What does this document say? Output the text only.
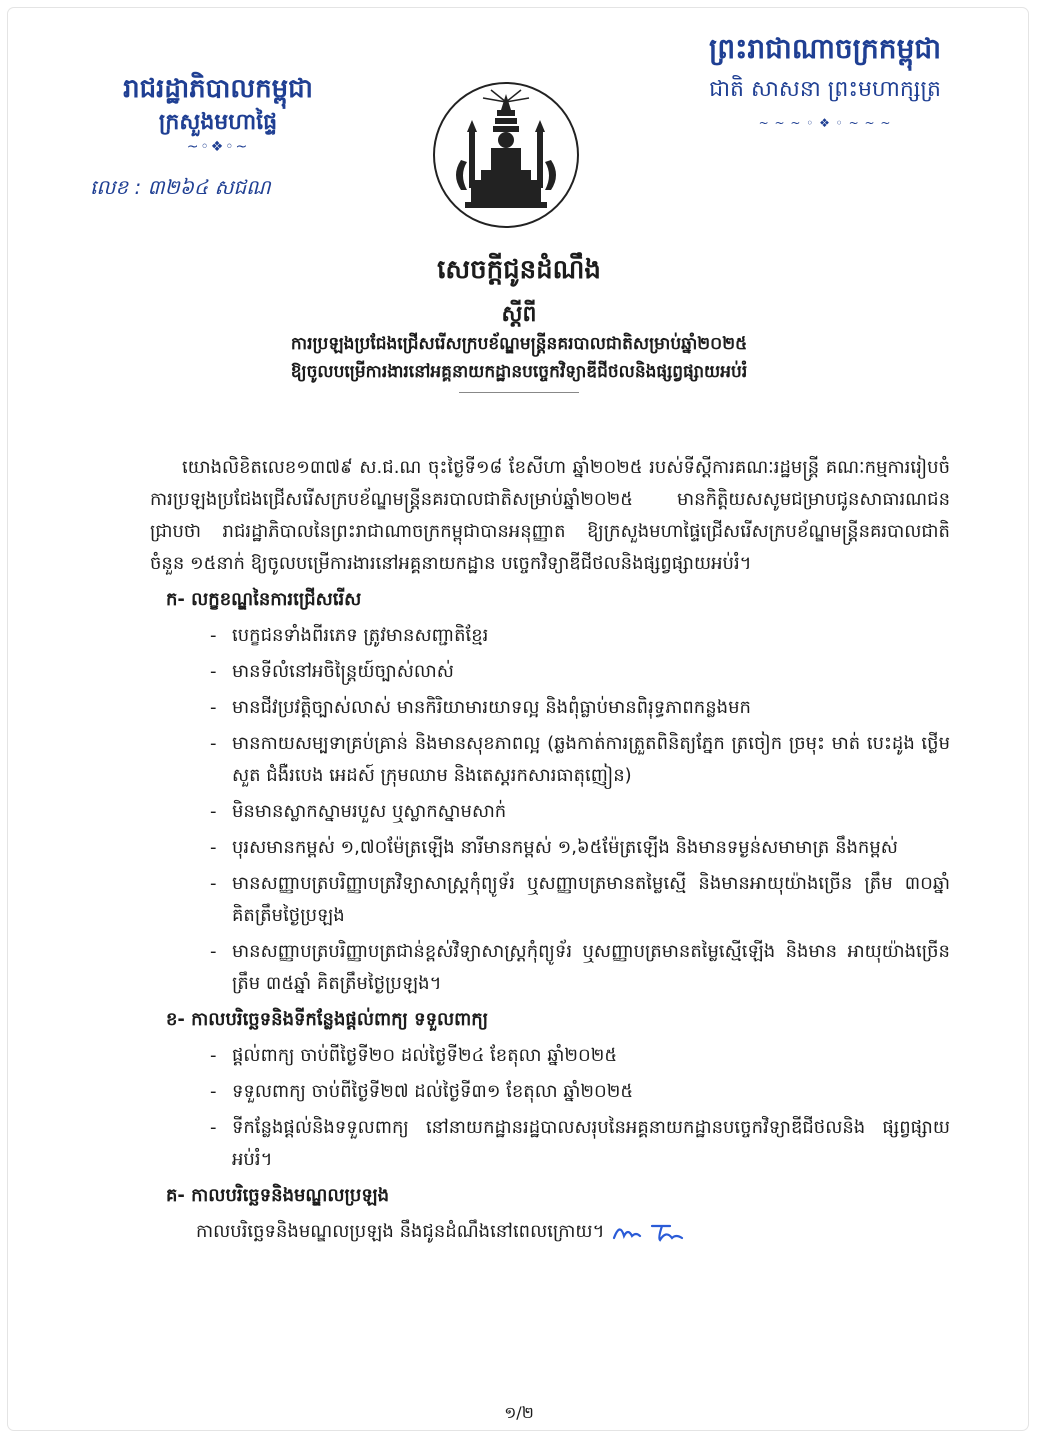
រាជរដ្ឋាភិបាលកម្ពុជា
ក្រសួងមហាផ្ទៃ
~◦❖◦~
លេខ : ៣២៦៤ សជណ
ព្រះរាជាណាចក្រកម្ពុជា
ជាតិ សាសនា ព្រះមហាក្សត្រ
~ ~ ~ ◦ ❖ ◦ ~ ~ ~
សេចក្តីជូនដំណឹង
ស្តីពី
ការប្រឡងប្រជែងជ្រើសរើសក្របខ័ណ្ឌមន្ត្រីនគរបាលជាតិសម្រាប់ឆ្នាំ២០២៥
ឱ្យចូលបម្រើការងារនៅអគ្គនាយកដ្ឋានបច្ចេកវិទ្យាឌីជីថលនិងផ្សព្វផ្សាយអប់រំ

យោងលិខិតលេខ១៣៧៩ ស.ជ.ណ ចុះថ្ងៃទី១៨ ខែសីហា ឆ្នាំ២០២៥ របស់ទីស្តីការគណៈរដ្ឋមន្ត្រី គណៈកម្មការរៀបចំការប្រឡងប្រជែងជ្រើសរើសក្របខ័ណ្ឌមន្ត្រីនគរបាលជាតិសម្រាប់ឆ្នាំ២០២៥ មានកិត្តិយសសូមជម្រាបជូនសាធារណជនជ្រាបថា រាជរដ្ឋាភិបាលនៃព្រះរាជាណាចក្រកម្ពុជាបានអនុញ្ញាត ឱ្យក្រសួងមហាផ្ទៃជ្រើសរើសក្របខ័ណ្ឌមន្ត្រីនគរបាលជាតិ ចំនួន ១៥នាក់ ឱ្យចូលបម្រើការងារនៅអគ្គនាយកដ្ឋាន បច្ចេកវិទ្យាឌីជីថលនិងផ្សព្វផ្សាយអប់រំ។

ក- លក្ខខណ្ឌនៃការជ្រើសរើស
- បេក្ខជនទាំងពីរភេទ ត្រូវមានសញ្ជាតិខ្មែរ
- មានទីលំនៅអចិន្ត្រៃយ៍ច្បាស់លាស់
- មានជីវប្រវត្តិច្បាស់លាស់ មានកិរិយាមារយាទល្អ និងពុំធ្លាប់មានពិរុទ្ធភាពកន្លងមក
- មានកាយសម្បទាគ្រប់គ្រាន់ និងមានសុខភាពល្អ (ឆ្លងកាត់ការត្រួតពិនិត្យភ្នែក ត្រចៀក ច្រមុះ មាត់ បេះដូង ថ្លើម សួត ជំងឺរបេង អេដស៍ ក្រុមឈាម និងតេស្តរកសារធាតុញៀន)
- មិនមានស្លាកស្នាមរបួស ឬស្លាកស្នាមសាក់
- បុរសមានកម្ពស់ ១,៧០ម៉ែត្រឡើង នារីមានកម្ពស់ ១,៦៥ម៉ែត្រឡើង និងមានទម្ងន់សមាមាត្រ នឹងកម្ពស់
- មានសញ្ញាបត្របរិញ្ញាបត្រវិទ្យាសាស្ត្រកុំព្យូទ័រ ឬសញ្ញាបត្រមានតម្លៃស្មើ និងមានអាយុយ៉ាងច្រើន ត្រឹម ៣០ឆ្នាំ គិតត្រឹមថ្ងៃប្រឡង
- មានសញ្ញាបត្របរិញ្ញាបត្រជាន់ខ្ពស់វិទ្យាសាស្ត្រកុំព្យូទ័រ ឬសញ្ញាបត្រមានតម្លៃស្មើឡើង និងមាន អាយុយ៉ាងច្រើនត្រឹម ៣៥ឆ្នាំ គិតត្រឹមថ្ងៃប្រឡង។
ខ- កាលបរិច្ឆេទនិងទីកន្លែងផ្តល់ពាក្យ ទទួលពាក្យ
- ផ្តល់ពាក្យ ចាប់ពីថ្ងៃទី២០ ដល់ថ្ងៃទី២៤ ខែតុលា ឆ្នាំ២០២៥
- ទទួលពាក្យ ចាប់ពីថ្ងៃទី២៧ ដល់ថ្ងៃទី៣១ ខែតុលា ឆ្នាំ២០២៥
- ទីកន្លែងផ្តល់និងទទួលពាក្យ នៅនាយកដ្ឋានរដ្ឋបាលសរុបនៃអគ្គនាយកដ្ឋានបច្ចេកវិទ្យាឌីជីថលនិង ផ្សព្វផ្សាយអប់រំ។
គ- កាលបរិច្ឆេទនិងមណ្ឌលប្រឡង
កាលបរិច្ឆេទនិងមណ្ឌលប្រឡង នឹងជូនដំណឹងនៅពេលក្រោយ។
១/២
